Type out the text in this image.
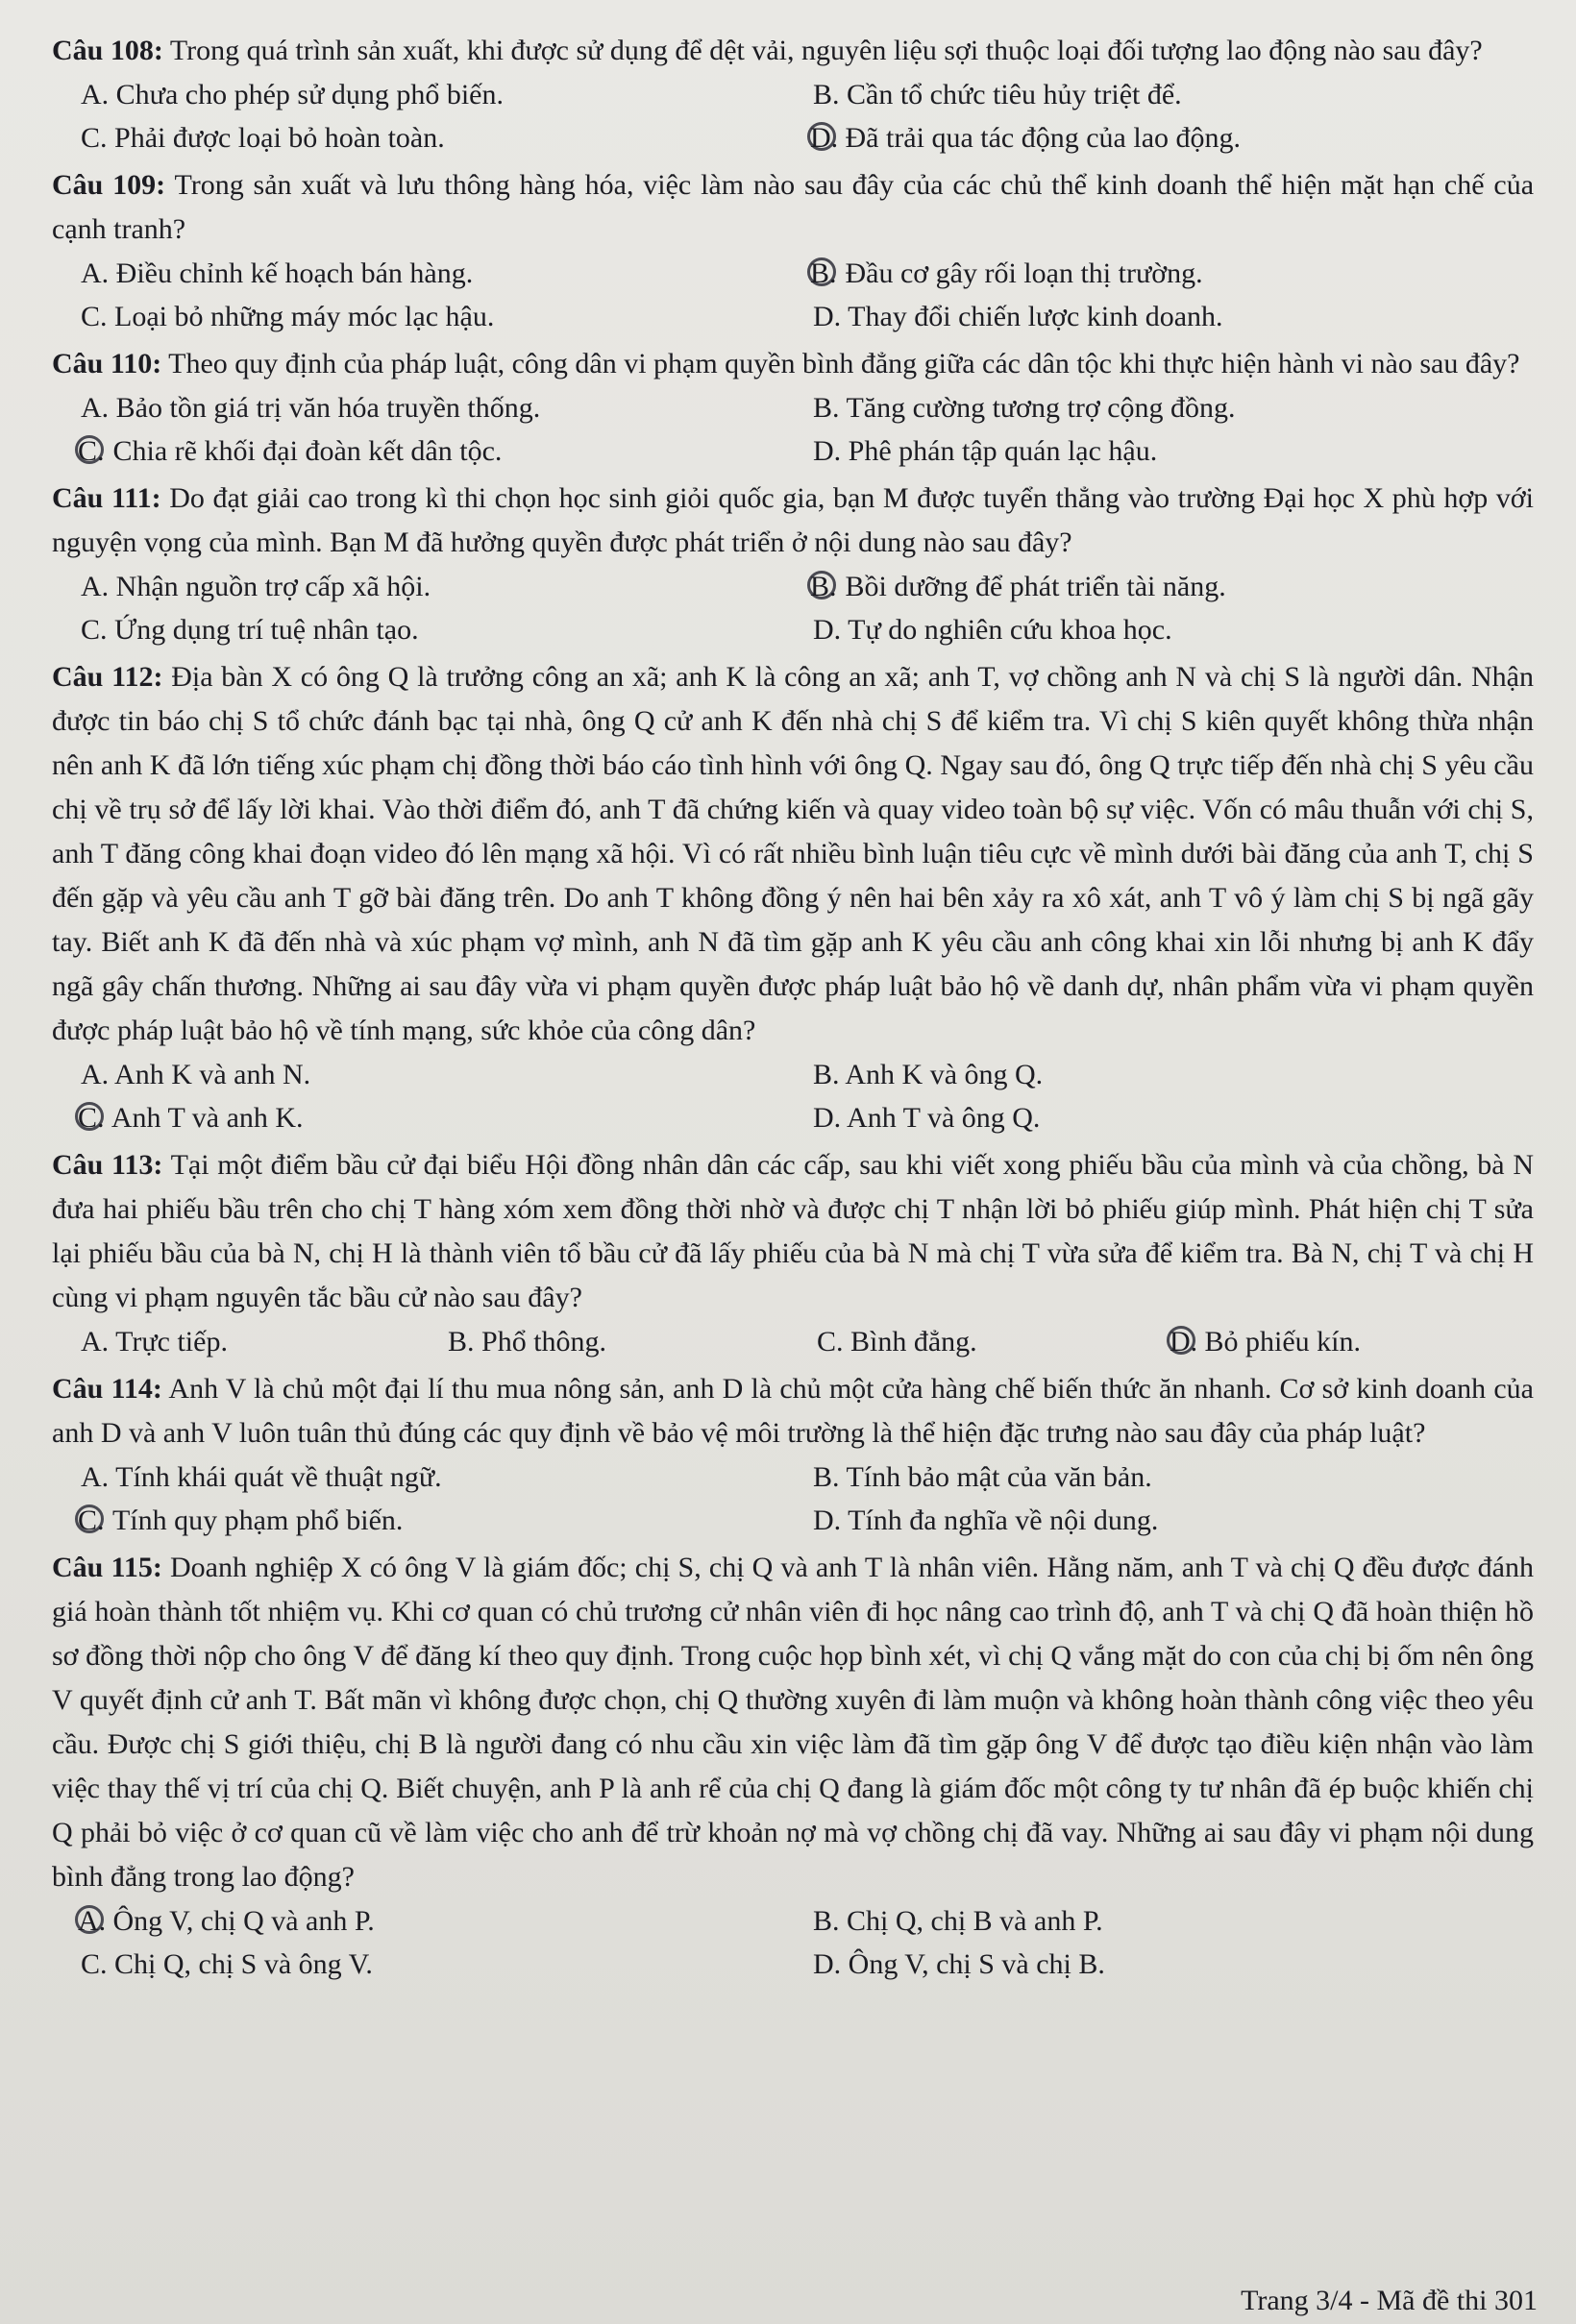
Câu 108: Trong quá trình sản xuất, khi được sử dụng để dệt vải, nguyên liệu sợi thuộc loại đối tượng lao động nào sau đây?
A. Chưa cho phép sử dụng phổ biến.	B. Cần tổ chức tiêu hủy triệt để.
C. Phải được loại bỏ hoàn toàn.	D. Đã trải qua tác động của lao động.
Câu 109: Trong sản xuất và lưu thông hàng hóa, việc làm nào sau đây của các chủ thể kinh doanh thể hiện mặt hạn chế của cạnh tranh?
A. Điều chỉnh kế hoạch bán hàng.	B. Đầu cơ gây rối loạn thị trường.
C. Loại bỏ những máy móc lạc hậu.	D. Thay đổi chiến lược kinh doanh.
Câu 110: Theo quy định của pháp luật, công dân vi phạm quyền bình đẳng giữa các dân tộc khi thực hiện hành vi nào sau đây?
A. Bảo tồn giá trị văn hóa truyền thống.	B. Tăng cường tương trợ cộng đồng.
C. Chia rẽ khối đại đoàn kết dân tộc.	D. Phê phán tập quán lạc hậu.
Câu 111: Do đạt giải cao trong kì thi chọn học sinh giỏi quốc gia, bạn M được tuyển thẳng vào trường Đại học X phù hợp với nguyện vọng của mình. Bạn M đã hưởng quyền được phát triển ở nội dung nào sau đây?
A. Nhận nguồn trợ cấp xã hội.	B. Bồi dưỡng để phát triển tài năng.
C. Ứng dụng trí tuệ nhân tạo.	D. Tự do nghiên cứu khoa học.
Câu 112: Địa bàn X có ông Q là trưởng công an xã; anh K là công an xã; anh T, vợ chồng anh N và chị S là người dân. Nhận được tin báo chị S tổ chức đánh bạc tại nhà, ông Q cử anh K đến nhà chị S để kiểm tra. Vì chị S kiên quyết không thừa nhận nên anh K đã lớn tiếng xúc phạm chị đồng thời báo cáo tình hình với ông Q. Ngay sau đó, ông Q trực tiếp đến nhà chị S yêu cầu chị về trụ sở để lấy lời khai. Vào thời điểm đó, anh T đã chứng kiến và quay video toàn bộ sự việc. Vốn có mâu thuẫn với chị S, anh T đăng công khai đoạn video đó lên mạng xã hội. Vì có rất nhiều bình luận tiêu cực về mình dưới bài đăng của anh T, chị S đến gặp và yêu cầu anh T gỡ bài đăng trên. Do anh T không đồng ý nên hai bên xảy ra xô xát, anh T vô ý làm chị S bị ngã gãy tay. Biết anh K đã đến nhà và xúc phạm vợ mình, anh N đã tìm gặp anh K yêu cầu anh công khai xin lỗi nhưng bị anh K đẩy ngã gây chấn thương. Những ai sau đây vừa vi phạm quyền được pháp luật bảo hộ về danh dự, nhân phẩm vừa vi phạm quyền được pháp luật bảo hộ về tính mạng, sức khỏe của công dân?
A. Anh K và anh N.	B. Anh K và ông Q.
C. Anh T và anh K.	D. Anh T và ông Q.
Câu 113: Tại một điểm bầu cử đại biểu Hội đồng nhân dân các cấp, sau khi viết xong phiếu bầu của mình và của chồng, bà N đưa hai phiếu bầu trên cho chị T hàng xóm xem đồng thời nhờ và được chị T nhận lời bỏ phiếu giúp mình. Phát hiện chị T sửa lại phiếu bầu của bà N, chị H là thành viên tổ bầu cử đã lấy phiếu của bà N mà chị T vừa sửa để kiểm tra. Bà N, chị T và chị H cùng vi phạm nguyên tắc bầu cử nào sau đây?
A. Trực tiếp.	B. Phổ thông.	C. Bình đẳng.	D. Bỏ phiếu kín.
Câu 114: Anh V là chủ một đại lí thu mua nông sản, anh D là chủ một cửa hàng chế biến thức ăn nhanh. Cơ sở kinh doanh của anh D và anh V luôn tuân thủ đúng các quy định về bảo vệ môi trường là thể hiện đặc trưng nào sau đây của pháp luật?
A. Tính khái quát về thuật ngữ.	B. Tính bảo mật của văn bản.
C. Tính quy phạm phổ biến.	D. Tính đa nghĩa về nội dung.
Câu 115: Doanh nghiệp X có ông V là giám đốc; chị S, chị Q và anh T là nhân viên. Hằng năm, anh T và chị Q đều được đánh giá hoàn thành tốt nhiệm vụ. Khi cơ quan có chủ trương cử nhân viên đi học nâng cao trình độ, anh T và chị Q đã hoàn thiện hồ sơ đồng thời nộp cho ông V để đăng kí theo quy định. Trong cuộc họp bình xét, vì chị Q vắng mặt do con của chị bị ốm nên ông V quyết định cử anh T. Bất mãn vì không được chọn, chị Q thường xuyên đi làm muộn và không hoàn thành công việc theo yêu cầu. Được chị S giới thiệu, chị B là người đang có nhu cầu xin việc làm đã tìm gặp ông V để được tạo điều kiện nhận vào làm việc thay thế vị trí của chị Q. Biết chuyện, anh P là anh rể của chị Q đang là giám đốc một công ty tư nhân đã ép buộc khiến chị Q phải bỏ việc ở cơ quan cũ về làm việc cho anh để trừ khoản nợ mà vợ chồng chị đã vay. Những ai sau đây vi phạm nội dung bình đẳng trong lao động?
A. Ông V, chị Q và anh P.	B. Chị Q, chị B và anh P.
C. Chị Q, chị S và ông V.	D. Ông V, chị S và chị B.
Trang 3/4 - Mã đề thi 301
